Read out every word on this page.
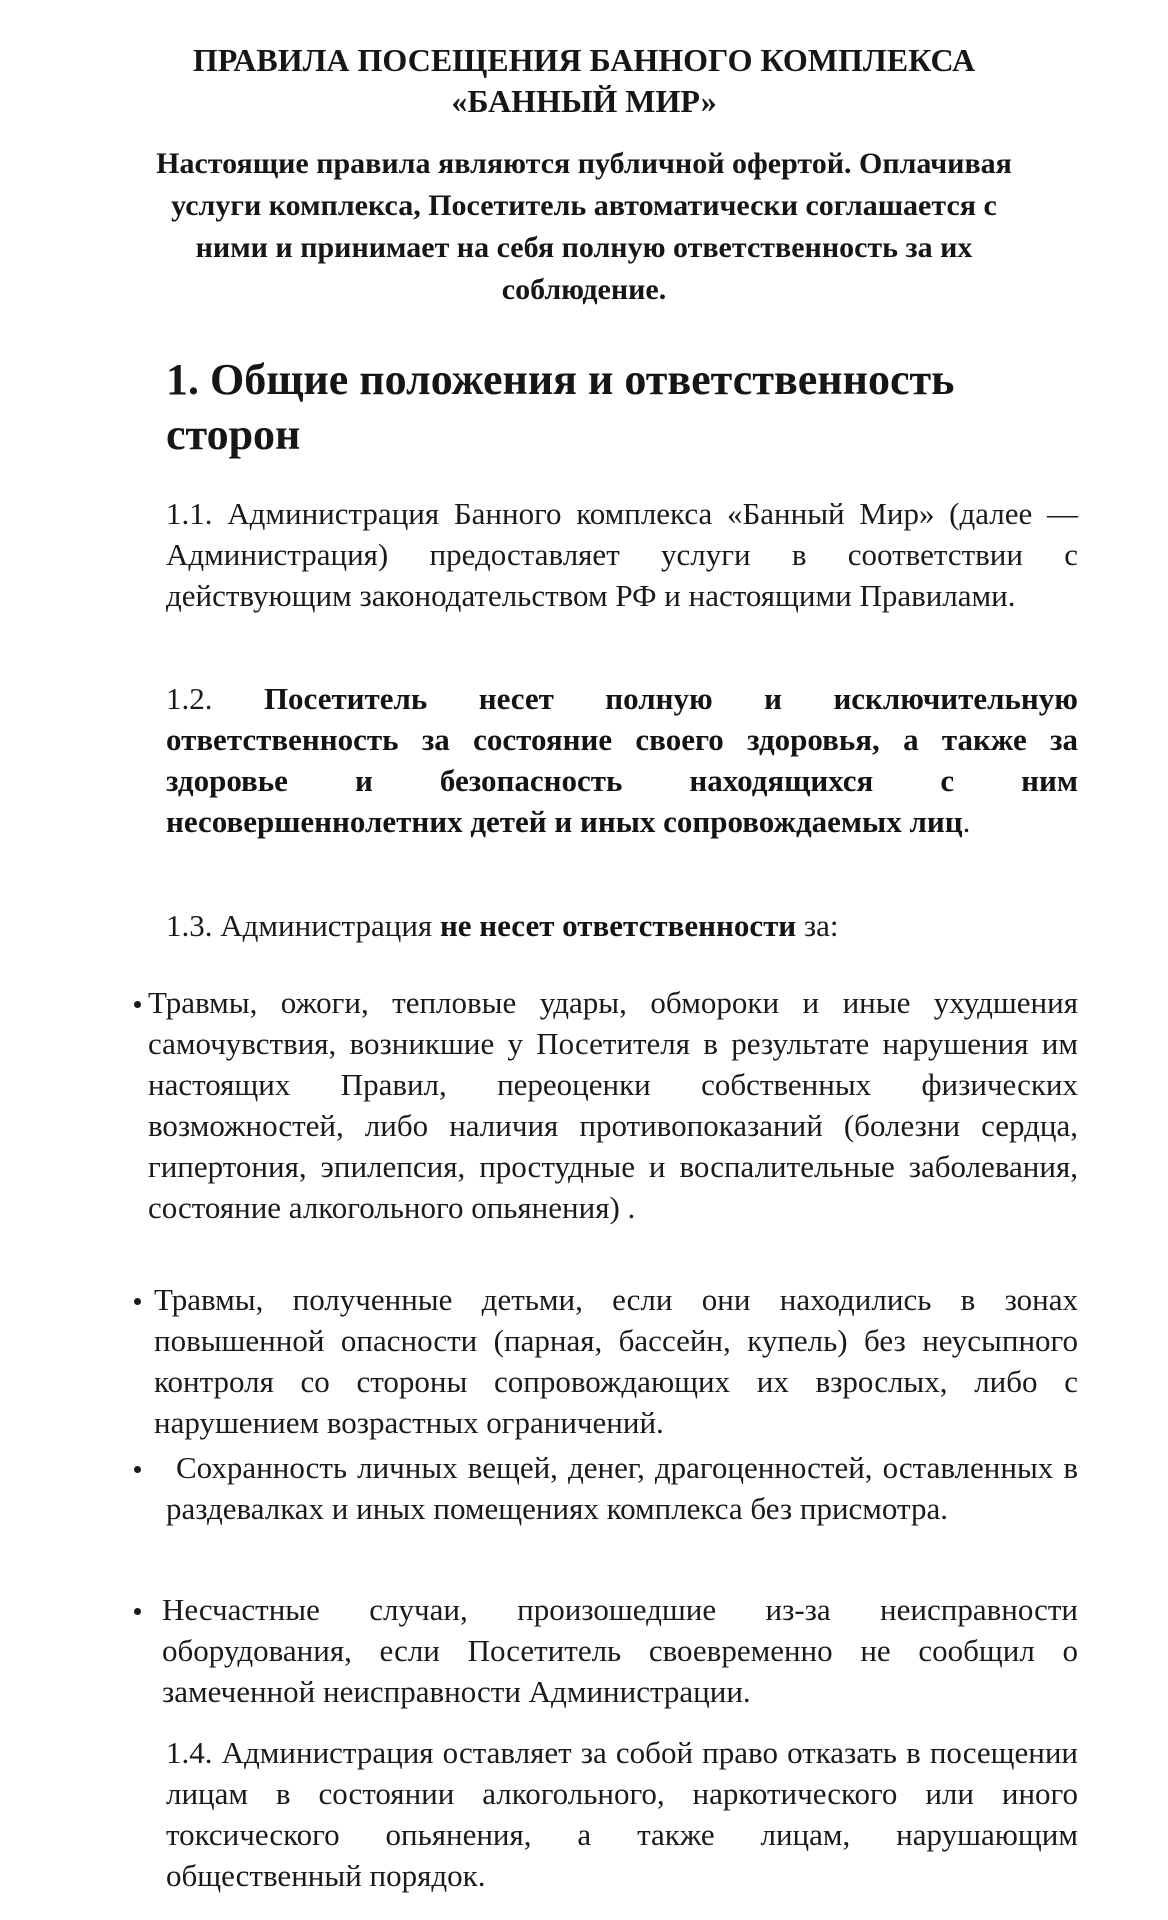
ПРАВИЛА ПОСЕЩЕНИЯ БАННОГО КОМПЛЕКСА
«БАННЫЙ МИР»

Настоящие правила являются публичной офертой. Оплачивая услуги комплекса, Посетитель автоматически соглашается с ними и принимает на себя полную ответственность за их соблюдение.

1. Общие положения и ответственность сторон

1.1. Администрация Банного комплекса «Банный Мир» (далее — Администрация) предоставляет услуги в соответствии с действующим законодательством РФ и настоящими Правилами.

1.2. Посетитель несет полную и исключительную ответственность за состояние своего здоровья, а также за здоровье и безопасность находящихся с ним несовершеннолетних детей и иных сопровождаемых лиц.

1.3. Администрация не несет ответственности за:

Травмы, ожоги, тепловые удары, обмороки и иные ухудшения самочувствия, возникшие у Посетителя в результате нарушения им настоящих Правил, переоценки собственных физических возможностей, либо наличия противопоказаний (болезни сердца, гипертония, эпилепсия, простудные и воспалительные заболевания, состояние алкогольного опьянения) .

Травмы, полученные детьми, если они находились в зонах повышенной опасности (парная, бассейн, купель) без неусыпного контроля со стороны сопровождающих их взрослых, либо с нарушением возрастных ограничений.

Сохранность личных вещей, денег, драгоценностей, оставленных в раздевалках и иных помещениях комплекса без присмотра.

Несчастные случаи, произошедшие из-за неисправности оборудования, если Посетитель своевременно не сообщил о замеченной неисправности Администрации.

1.4. Администрация оставляет за собой право отказать в посещении лицам в состоянии алкогольного, наркотического или иного токсического опьянения, а также лицам, нарушающим общественный порядок.
